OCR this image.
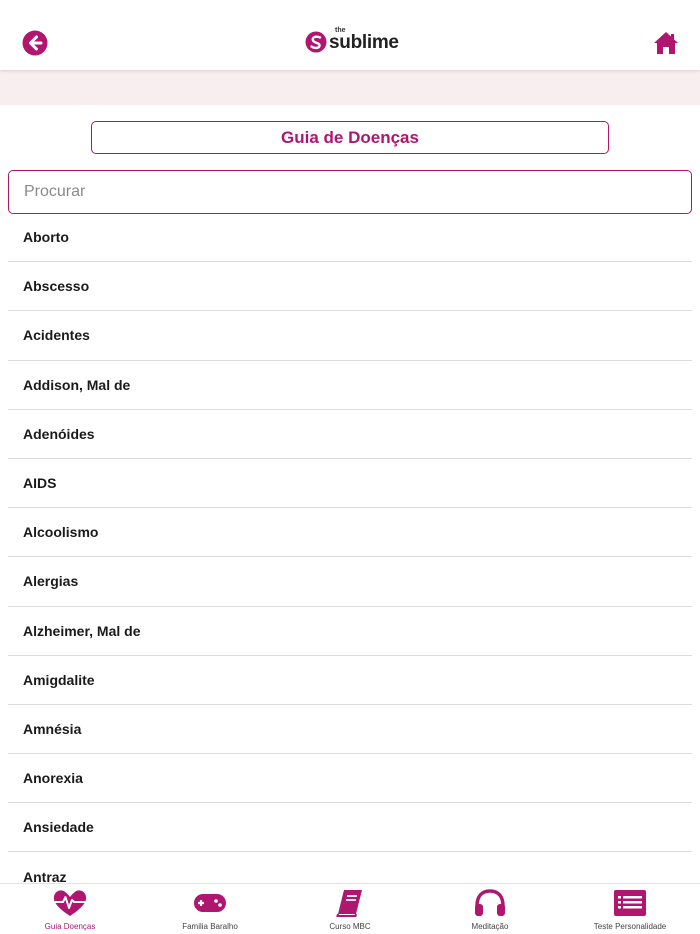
the
sublime
Guia de Doenças
Procurar
Aborto
Abscesso
Acidentes
Addison, Mal de
Adenóides
AIDS
Alcoolismo
Alergias
Alzheimer, Mal de
Amigdalite
Amnésia
Anorexia
Ansiedade
Antraz
Guia Doenças	Familia Baralho	Curso MBC	Meditação	Teste Personalidade
